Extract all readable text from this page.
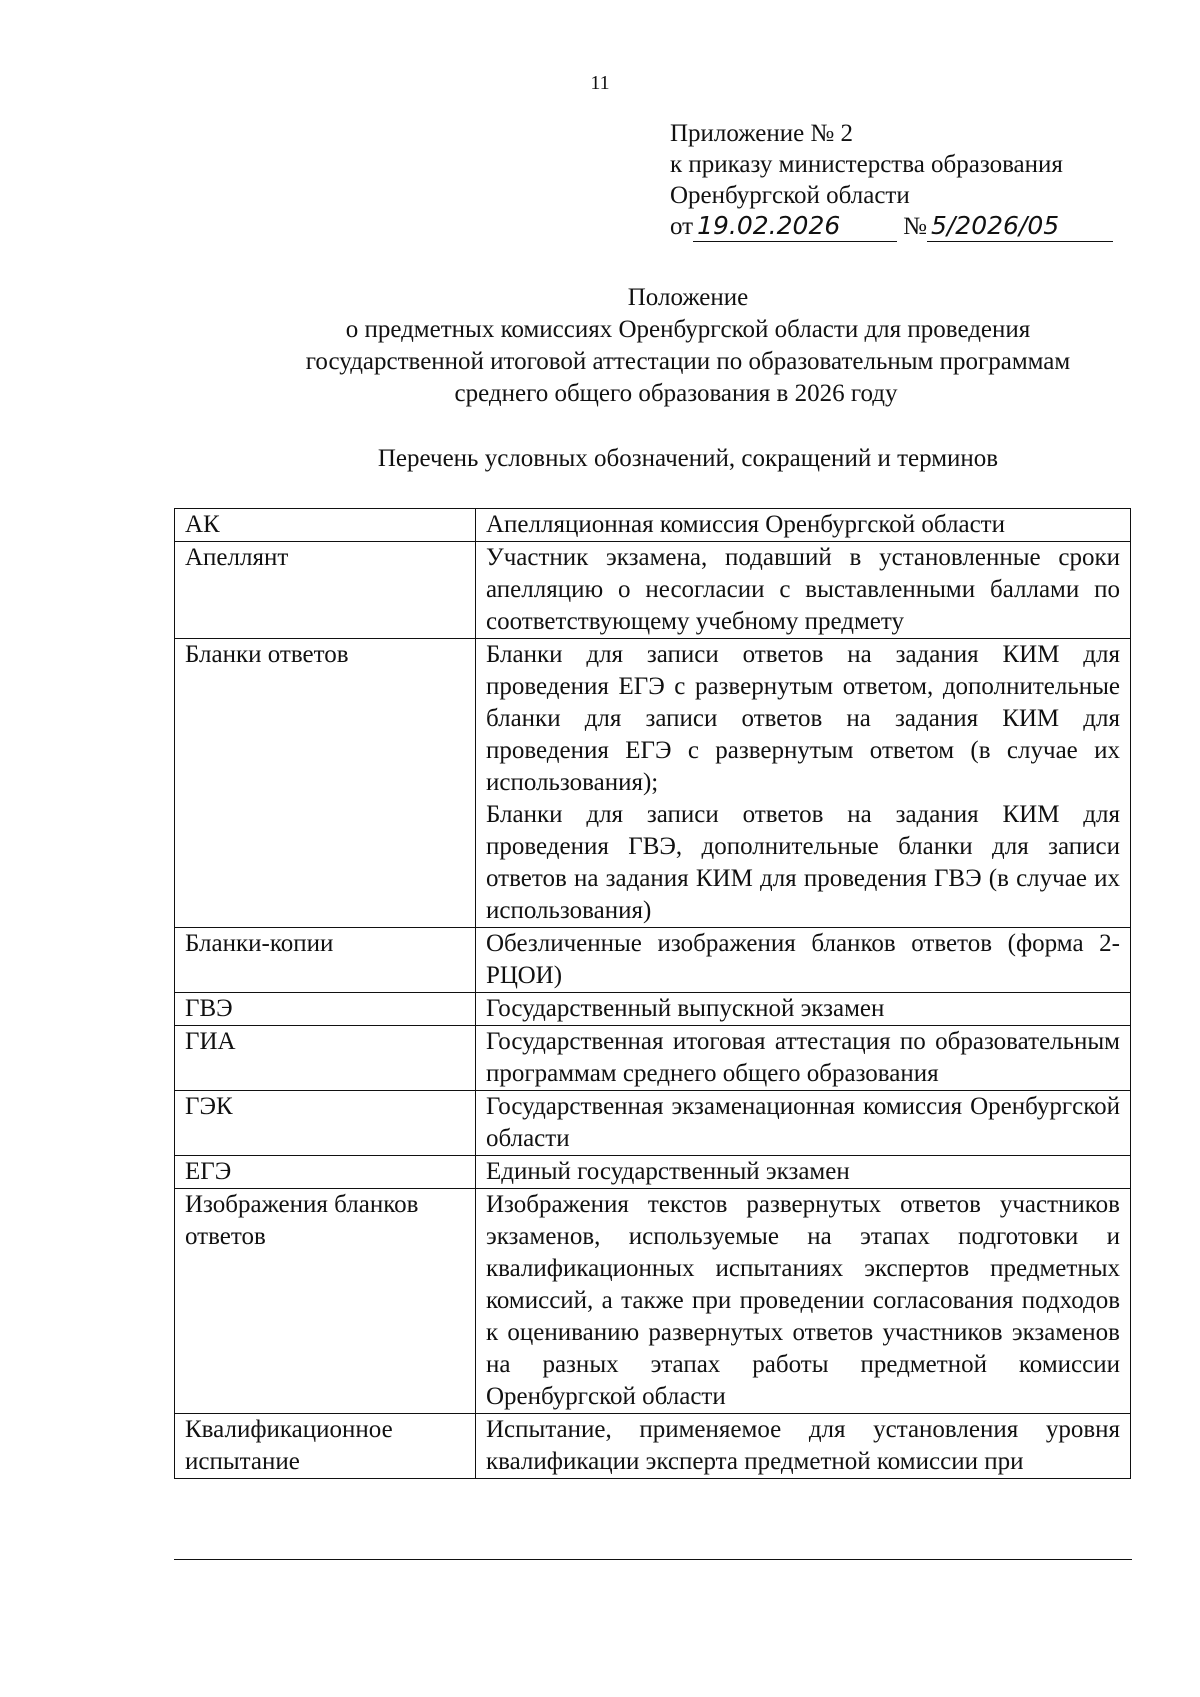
11
Приложение № 2
к приказу министерства образования
Оренбургской области
от 19.02.2026	№ 5/2026/05
Положение
о предметных комиссиях Оренбургской области для проведения
государственной итоговой аттестации по образовательным программам
среднего общего образования в 2026 году
Перечень условных обозначений, сокращений и терминов
АК	Апелляционная комиссия Оренбургской области
Апеллянт	Участник экзамена, подавший в установленные сроки апелляцию о несогласии с выставленными баллами по соответствующему учебному предмету
Бланки ответов	Бланки для записи ответов на задания КИМ для проведения ЕГЭ с развернутым ответом, дополнительные бланки для записи ответов на задания КИМ для проведения ЕГЭ с развернутым ответом (в случае их использования);
Бланки для записи ответов на задания КИМ для проведения ГВЭ, дополнительные бланки для записи ответов на задания КИМ для проведения ГВЭ (в случае их использования)

Бланки-копии	Обезличенные изображения бланков ответов (форма 2-РЦОИ)
ГВЭ	Государственный выпускной экзамен
ГИА	Государственная итоговая аттестация по образовательным программам среднего общего образования
ГЭК	Государственная экзаменационная комиссия Оренбургской области
ЕГЭ	Единый государственный экзамен
Изображения бланков ответов	Изображения текстов развернутых ответов участников экзаменов, используемые на этапах подготовки и квалификационных испытаниях экспертов предметных комиссий, а также при проведении согласования подходов к оцениванию развернутых ответов участников экзаменов на разных этапах работы предметной комиссии Оренбургской области
Квалификационное испытание	Испытание, применяемое для установления уровня квалификации эксперта предметной комиссии при
